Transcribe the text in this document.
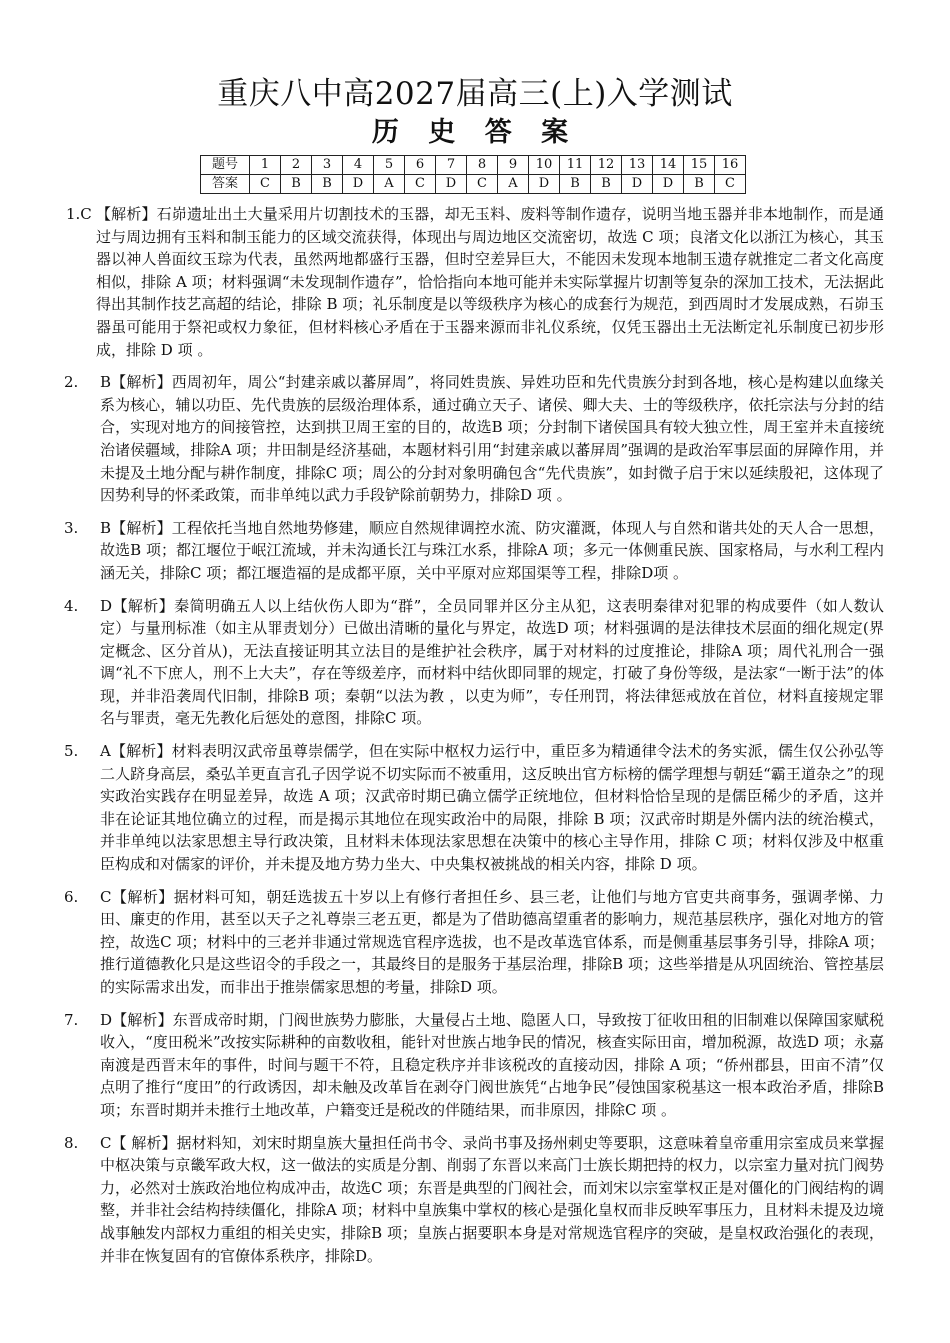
重庆八中高2027届高三(上)入学测试
历 史 答 案
题号	1	2	3	4	5	6	7	8	9	10	11	12	13	14	15	16
答案	C	B	B	D	A	C	D	C	A	D	B	B	D	D	B	C
1.C 【解析】石峁遗址出土大量采用片切割技术的玉器，却无玉料、废料等制作遗存，说明当地玉器并非本地制作，而是通过与周边拥有玉料和制玉能力的区域交流获得，体现出与周边地区交流密切，故选 C 项；良渚文化以浙江为核心，其玉器以神人兽面纹玉琮为代表，虽然两地都盛行玉器，但时空差异巨大，不能因未发现本地制玉遗存就推定二者文化高度相似，排除 A 项；材料强调“未发现制作遗存”，恰恰指向本地可能并未实际掌握片切割等复杂的深加工技术，无法据此得出其制作技艺高超的结论，排除 B 项；礼乐制度是以等级秩序为核心的成套行为规范，到西周时才发展成熟，石峁玉器虽可能用于祭祀或权力象征，但材料核心矛盾在于玉器来源而非礼仪系统，仅凭玉器出土无法断定礼乐制度已初步形成，排除 D 项 。
2. B【解析】西周初年，周公“封建亲戚以蕃屏周”，将同姓贵族、异姓功臣和先代贵族分封到各地，核心是构建以血缘关系为核心，辅以功臣、先代贵族的层级治理体系，通过确立天子、诸侯、卿大夫、士的等级秩序，依托宗法与分封的结合，实现对地方的间接管控，达到拱卫周王室的目的，故选B 项；分封制下诸侯国具有较大独立性，周王室并未直接统治诸侯疆域，排除A 项；井田制是经济基础，本题材料引用“封建亲戚以蕃屏周”强调的是政治军事层面的屏障作用，并未提及土地分配与耕作制度，排除C 项；周公的分封对象明确包含“先代贵族”，如封微子启于宋以延续殷祀，这体现了因势利导的怀柔政策，而非单纯以武力手段铲除前朝势力，排除D 项 。
3. B【解析】工程依托当地自然地势修建，顺应自然规律调控水流、防灾灌溉，体现人与自然和谐共处的天人合一思想，故选B 项；都江堰位于岷江流域，并未沟通长江与珠江水系，排除A 项；多元一体侧重民族、国家格局，与水利工程内涵无关，排除C 项；都江堰造福的是成都平原，关中平原对应郑国渠等工程，排除D项 。
4. D【解析】秦简明确五人以上结伙伤人即为“群”，全员同罪并区分主从犯，这表明秦律对犯罪的构成要件（如人数认定）与量刑标准（如主从罪责划分）已做出清晰的量化与界定，故选D 项；材料强调的是法律技术层面的细化规定(界定概念、区分首从)，无法直接证明其立法目的是维护社会秩序，属于对材料的过度推论，排除A 项；周代礼刑合一强调“礼不下庶人，刑不上大夫”，存在等级差序，而材料中结伙即同罪的规定，打破了身份等级，是法家“一断于法”的体现，并非沿袭周代旧制，排除B 项；秦朝“以法为教 ，以吏为师”，专任刑罚，将法律惩戒放在首位，材料直接规定罪名与罪责，毫无先教化后惩处的意图，排除C 项。
5. A【解析】材料表明汉武帝虽尊崇儒学，但在实际中枢权力运行中，重臣多为精通律令法术的务实派，儒生仅公孙弘等二人跻身高层，桑弘羊更直言孔子因学说不切实际而不被重用，这反映出官方标榜的儒学理想与朝廷“霸王道杂之”的现实政治实践存在明显差异，故选 A 项；汉武帝时期已确立儒学正统地位，但材料恰恰呈现的是儒臣稀少的矛盾，这并非在论证其地位确立的过程，而是揭示其地位在现实政治中的局限，排除 B 项；汉武帝时期是外儒内法的统治模式，并非单纯以法家思想主导行政决策，且材料未体现法家思想在决策中的核心主导作用，排除 C 项；材料仅涉及中枢重臣构成和对儒家的评价，并未提及地方势力坐大、中央集权被挑战的相关内容，排除 D 项。
6. C【解析】据材料可知，朝廷选拔五十岁以上有修行者担任乡、县三老，让他们与地方官吏共商事务，强调孝悌、力田、廉吏的作用，甚至以天子之礼尊崇三老五更，都是为了借助德高望重者的影响力，规范基层秩序，强化对地方的管控，故选C 项；材料中的三老并非通过常规选官程序选拔，也不是改革选官体系，而是侧重基层事务引导，排除A 项；推行道德教化只是这些诏令的手段之一，其最终目的是服务于基层治理，排除B 项；这些举措是从巩固统治、管控基层的实际需求出发，而非出于推崇儒家思想的考量，排除D 项。
7. D【解析】东晋成帝时期，门阀世族势力膨胀，大量侵占土地、隐匿人口，导致按丁征收田租的旧制难以保障国家赋税收入，“度田税米”改按实际耕种的亩数收租，能针对世族占地争民的情况，核查实际田亩，增加税源，故选D 项；永嘉南渡是西晋末年的事件，时间与题干不符，且稳定秩序并非该税改的直接动因，排除 A 项；“侨州郡县，田亩不清”仅点明了推行“度田”的行政诱因，却未触及改革旨在剥夺门阀世族凭“占地争民”侵蚀国家税基这一根本政治矛盾，排除B 项；东晋时期并未推行土地改革，户籍变迁是税改的伴随结果，而非原因，排除C 项 。
8. C【 解析】据材料知，刘宋时期皇族大量担任尚书令、录尚书事及扬州刺史等要职，这意味着皇帝重用宗室成员来掌握中枢决策与京畿军政大权，这一做法的实质是分割、削弱了东晋以来高门士族长期把持的权力，以宗室力量对抗门阀势力，必然对士族政治地位构成冲击，故选C 项；东晋是典型的门阀社会，而刘宋以宗室掌权正是对僵化的门阀结构的调整，并非社会结构持续僵化，排除A 项；材料中皇族集中掌权的核心是强化皇权而非反映军事压力，且材料未提及边境战事触发内部权力重组的相关史实，排除B 项；皇族占据要职本身是对常规选官程序的突破，是皇权政治强化的表现，并非在恢复固有的官僚体系秩序，排除D。
